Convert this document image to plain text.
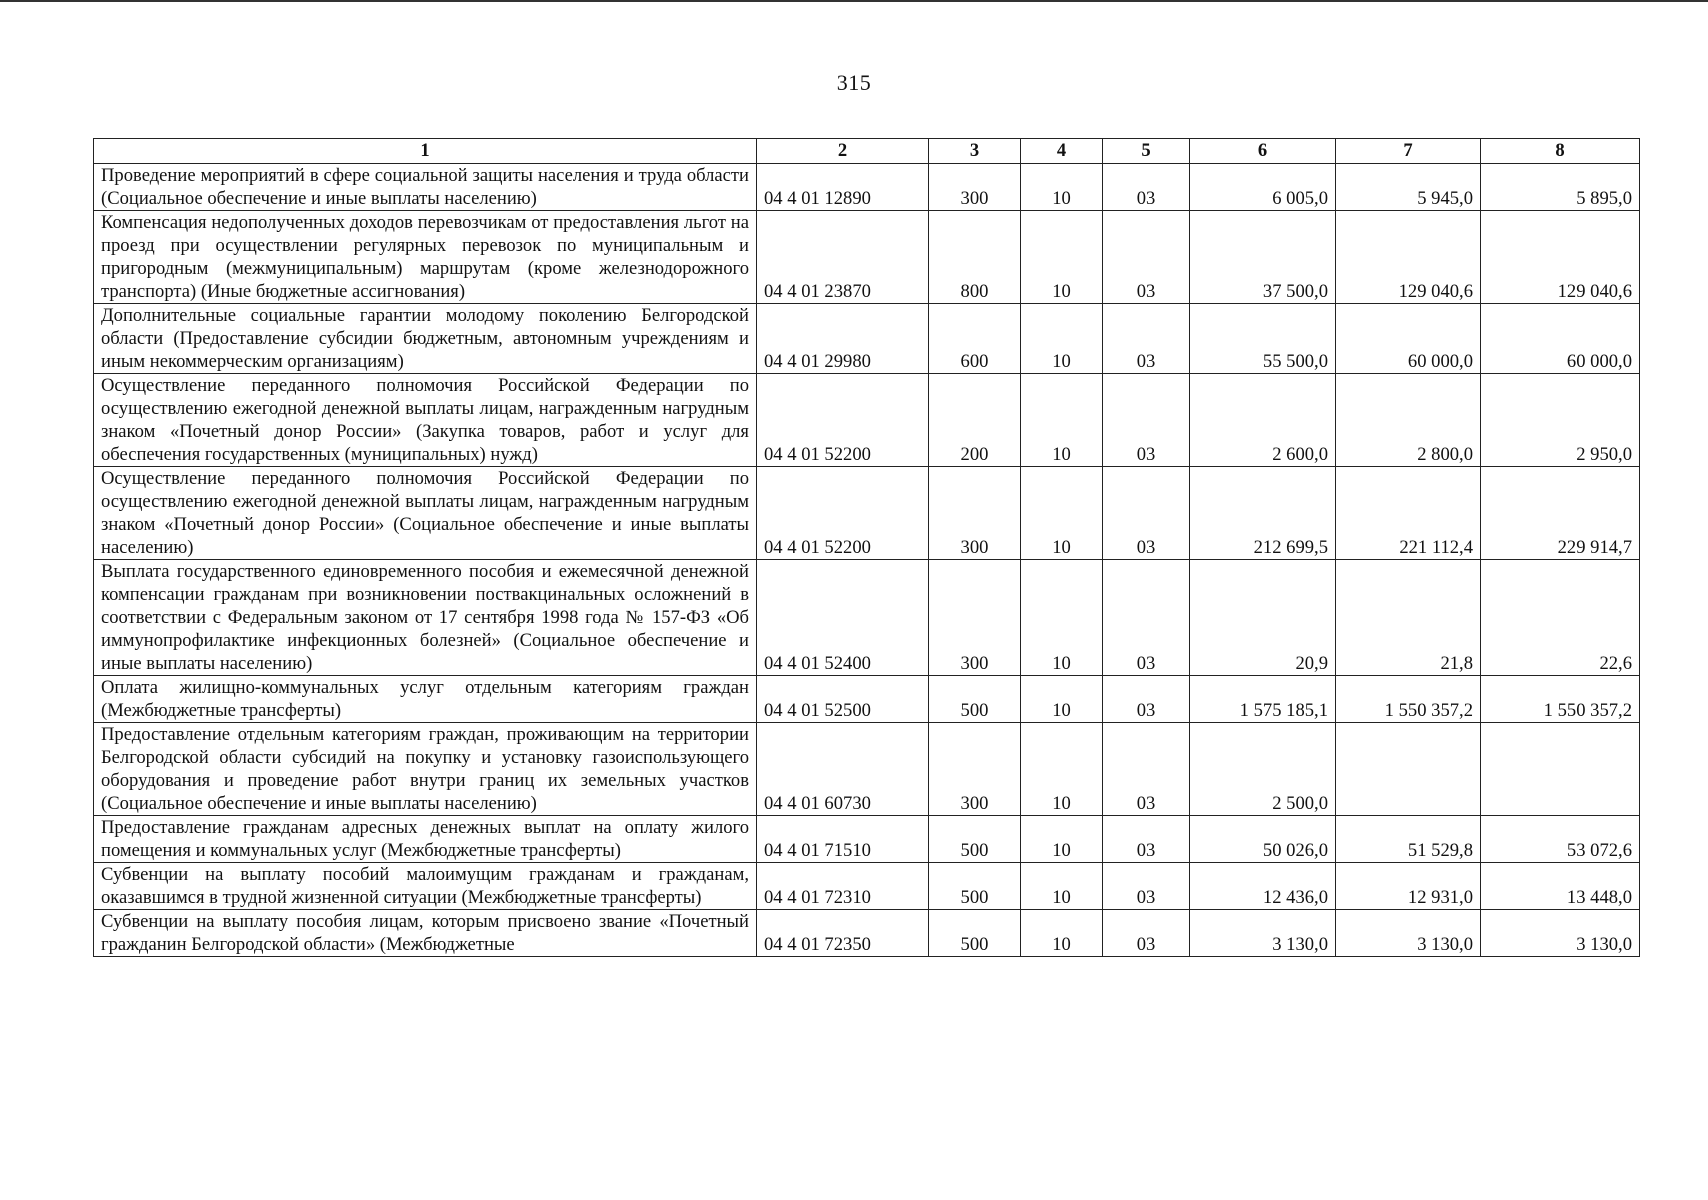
315
1	2	3	4	5	6	7	8
Проведение мероприятий в сфере социальной защиты населения и труда области (Социальное обеспечение и иные выплаты населению)	04 4 01 12890	300	10	03	6 005,0	5 945,0	5 895,0
Компенсация недополученных доходов перевозчикам от предоставления льгот на проезд при осуществлении регулярных перевозок по муниципальным и пригородным (межмуниципальным) маршрутам (кроме железнодорожного транспорта) (Иные бюджетные ассигнования)	04 4 01 23870	800	10	03	37 500,0	129 040,6	129 040,6
Дополнительные социальные гарантии молодому поколению Белгородской области (Предоставление субсидии бюджетным, автономным учреждениям и иным некоммерческим организациям)	04 4 01 29980	600	10	03	55 500,0	60 000,0	60 000,0
Осуществление переданного полномочия Российской Федерации по осуществлению ежегодной денежной выплаты лицам, награжденным нагрудным знаком «Почетный донор России» (Закупка товаров, работ и услуг для обеспечения государственных (муниципальных) нужд)	04 4 01 52200	200	10	03	2 600,0	2 800,0	2 950,0
Осуществление переданного полномочия Российской Федерации по осуществлению ежегодной денежной выплаты лицам, награжденным нагрудным знаком «Почетный донор России» (Социальное обеспечение и иные выплаты населению)	04 4 01 52200	300	10	03	212 699,5	221 112,4	229 914,7
Выплата государственного единовременного пособия и ежемесячной денежной компенсации гражданам при возникновении поствакцинальных осложнений в соответствии с Федеральным законом от 17 сентября 1998 года № 157-ФЗ «Об иммунопрофилактике инфекционных болезней» (Социальное обеспечение и иные выплаты населению)	04 4 01 52400	300	10	03	20,9	21,8	22,6
Оплата жилищно-коммунальных услуг отдельным категориям граждан (Межбюджетные трансферты)	04 4 01 52500	500	10	03	1 575 185,1	1 550 357,2	1 550 357,2
Предоставление отдельным категориям граждан, проживающим на территории Белгородской области субсидий на покупку и установку газоиспользующего оборудования и проведение работ внутри границ их земельных участков (Социальное обеспечение и иные выплаты населению)	04 4 01 60730	300	10	03	2 500,0		
Предоставление гражданам адресных денежных выплат на оплату жилого помещения и коммунальных услуг (Межбюджетные трансферты)	04 4 01 71510	500	10	03	50 026,0	51 529,8	53 072,6
Субвенции на выплату пособий малоимущим гражданам и гражданам, оказавшимся в трудной жизненной ситуации (Межбюджетные трансферты)	04 4 01 72310	500	10	03	12 436,0	12 931,0	13 448,0
Субвенции на выплату пособия лицам, которым присвоено звание «Почетный гражданин Белгородской области» (Межбюджетные	04 4 01 72350	500	10	03	3 130,0	3 130,0	3 130,0
